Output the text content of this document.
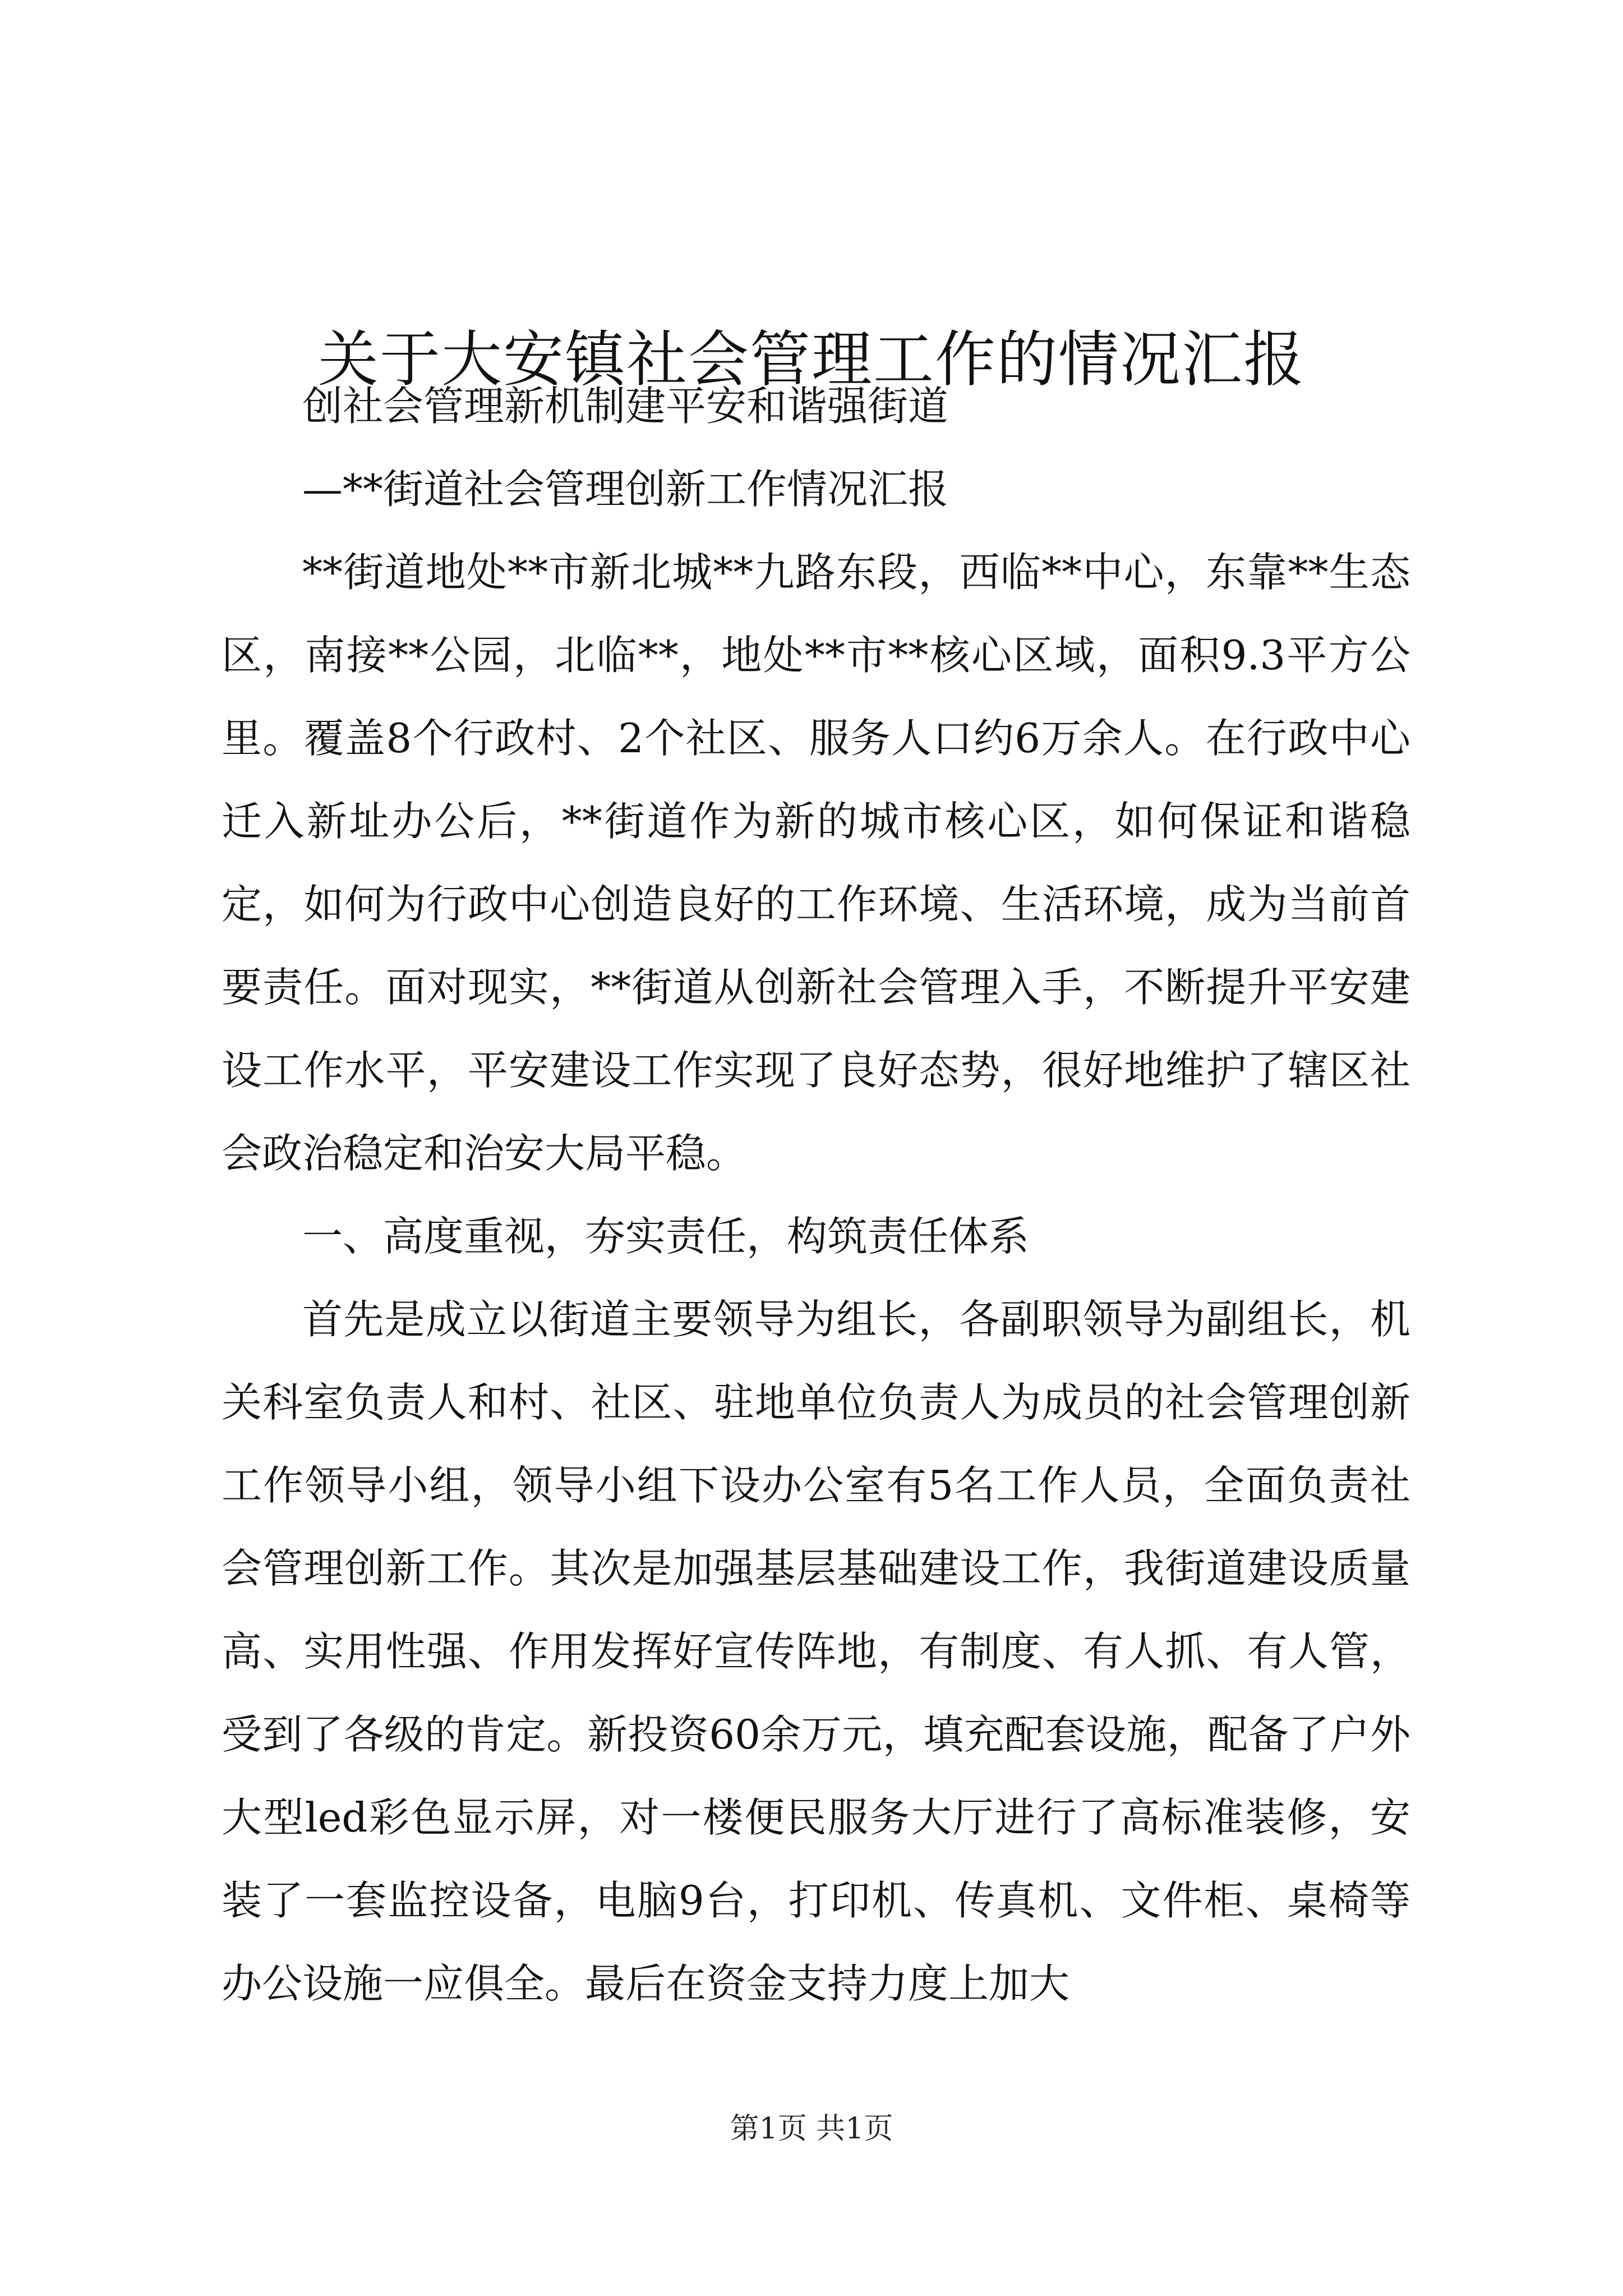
关于大安镇社会管理工作的情况汇报

创社会管理新机制建平安和谐强街道

—**街道社会管理创新工作情况汇报

**街道地处**市新北城**九路东段，西临**中心，东靠**生态区，南接**公园，北临**，地处**市**核心区域，面积9.3平方公里。覆盖8个行政村、2个社区、服务人口约6万余人。在行政中心迁入新址办公后，**街道作为新的城市核心区，如何保证和谐稳定，如何为行政中心创造良好的工作环境、生活环境，成为当前首要责任。面对现实，**街道从创新社会管理入手，不断提升平安建设工作水平，平安建设工作实现了良好态势，很好地维护了辖区社会政治稳定和治安大局平稳。

一、高度重视，夯实责任，构筑责任体系

首先是成立以街道主要领导为组长，各副职领导为副组长，机关科室负责人和村、社区、驻地单位负责人为成员的社会管理创新工作领导小组，领导小组下设办公室有5名工作人员，全面负责社会管理创新工作。其次是加强基层基础建设工作，我街道建设质量高、实用性强、作用发挥好宣传阵地，有制度、有人抓、有人管，受到了各级的肯定。新投资60余万元，填充配套设施，配备了户外大型led彩色显示屏，对一楼便民服务大厅进行了高标准装修，安装了一套监控设备，电脑9台，打印机、传真机、文件柜、桌椅等办公设施一应俱全。最后在资金支持力度上加大

第1页 共1页
